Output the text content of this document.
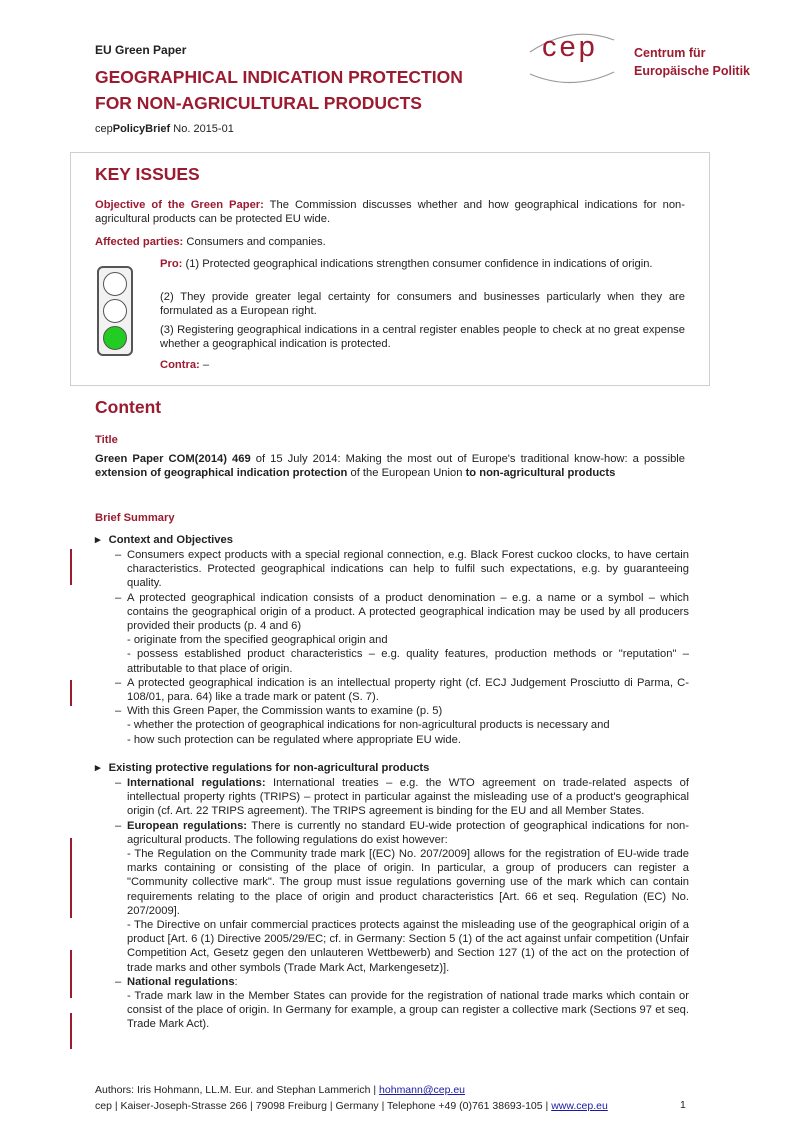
EU Green Paper
GEOGRAPHICAL INDICATION PROTECTION
FOR NON-AGRICULTURAL PRODUCTS
cepPolicyBrief No. 2015-01
cep	Centrum für
Europäische Politik
KEY ISSUES
Objective of the Green Paper: The Commission discusses whether and how geographical indications for non-agricultural products can be protected EU wide.
Affected parties: Consumers and companies.
Pro: (1) Protected geographical indications strengthen consumer confidence in indications of origin.
(2) They provide greater legal certainty for consumers and businesses particularly when they are formulated as a European right.
(3) Registering geographical indications in a central register enables people to check at no great expense whether a geographical indication is protected.
Contra: –
Content
Title
Green Paper COM(2014) 469 of 15 July 2014: Making the most out of Europe's traditional know-how: a possible extension of geographical indication protection of the European Union to non-agricultural products
Brief Summary
▸ Context and Objectives
– Consumers expect products with a special regional connection, e.g. Black Forest cuckoo clocks, to have certain characteristics. Protected geographical indications can help to fulfil such expectations, e.g. by guaranteeing quality.
– A protected geographical indication consists of a product denomination – e.g. a name or a symbol – which contains the geographical origin of a product. A protected geographical indication may be used by all producers provided their products (p. 4 and 6)
- originate from the specified geographical origin and
- possess established product characteristics – e.g. quality features, production methods or "reputation" – attributable to that place of origin.
– A protected geographical indication is an intellectual property right (cf. ECJ Judgement Prosciutto di Parma, C-108/01, para. 64) like a trade mark or patent (S. 7).
– With this Green Paper, the Commission wants to examine (p. 5)
- whether the protection of geographical indications for non-agricultural products is necessary and
- how such protection can be regulated where appropriate EU wide.
▸ Existing protective regulations for non-agricultural products
– International regulations: International treaties – e.g. the WTO agreement on trade-related aspects of intellectual property rights (TRIPS) – protect in particular against the misleading use of a product's geographical origin (cf. Art. 22 TRIPS agreement). The TRIPS agreement is binding for the EU and all Member States.
– European regulations: There is currently no standard EU-wide protection of geographical indications for non-agricultural products. The following regulations do exist however:
- The Regulation on the Community trade mark [(EC) No. 207/2009] allows for the registration of EU-wide trade marks containing or consisting of the place of origin. In particular, a group of producers can register a "Community collective mark". The group must issue regulations governing use of the mark which can contain requirements relating to the place of origin and product characteristics [Art. 66 et seq. Regulation (EC) No. 207/2009].
- The Directive on unfair commercial practices protects against the misleading use of the geographical origin of a product [Art. 6 (1) Directive 2005/29/EC; cf. in Germany: Section 5 (1) of the act against unfair competition (Unfair Competition Act, Gesetz gegen den unlauteren Wettbewerb) and Section 127 (1) of the act on the protection of trade marks and other symbols (Trade Mark Act, Markengesetz)].
– National regulations:
- Trade mark law in the Member States can provide for the registration of national trade marks which contain or consist of the place of origin. In Germany for example, a group can register a collective mark (Sections 97 et seq. Trade Mark Act).
Authors: Iris Hohmann, LL.M. Eur. and Stephan Lammerich | hohmann@cep.eu
cep | Kaiser-Joseph-Strasse 266 | 79098 Freiburg | Germany | Telephone +49 (0)761 38693-105 | www.cep.eu	1
